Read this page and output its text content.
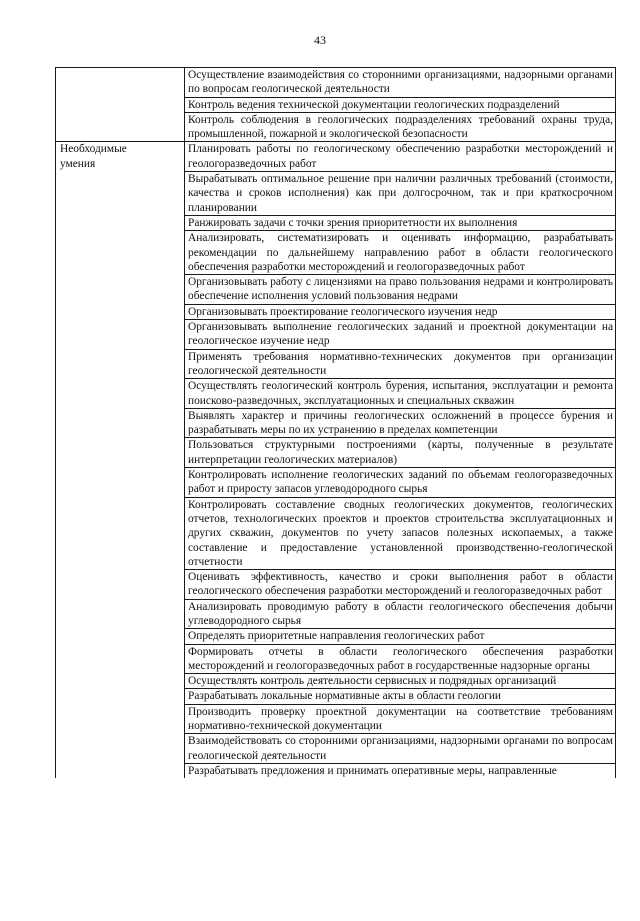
43
	Осуществление взаимодействия со сторонними организациями, надзорными органами по вопросам геологической деятельности
	Контроль ведения технической документации геологических подразделений
	Контроль соблюдения в геологических подразделениях требований охраны труда, промышленной, пожарной и экологической безопасности
Необходимые умения	Планировать работы по геологическому обеспечению разработки месторождений и геологоразведочных работ
	Вырабатывать оптимальное решение при наличии различных требований (стоимости, качества и сроков исполнения) как при долгосрочном, так и при краткосрочном планировании
	Ранжировать задачи с точки зрения приоритетности их выполнения
	Анализировать, систематизировать и оценивать информацию, разрабатывать рекомендации по дальнейшему направлению работ в области геологического обеспечения разработки месторождений и геологоразведочных работ
	Организовывать работу с лицензиями на право пользования недрами и контролировать обеспечение исполнения условий пользования недрами
	Организовывать проектирование геологического изучения недр
	Организовывать выполнение геологических заданий и проектной документации на геологическое изучение недр
	Применять требования нормативно-технических документов при организации геологической деятельности
	Осуществлять геологический контроль бурения, испытания, эксплуатации и ремонта поисково-разведочных, эксплуатационных и специальных скважин
	Выявлять характер и причины геологических осложнений в процессе бурения и разрабатывать меры по их устранению в пределах компетенции
	Пользоваться структурными построениями (карты, полученные в результате интерпретации геологических материалов)
	Контролировать исполнение геологических заданий по объемам геологоразведочных работ и приросту запасов углеводородного сырья
	Контролировать составление сводных геологических документов, геологических отчетов, технологических проектов и проектов строительства эксплуатационных и других скважин, документов по учету запасов полезных ископаемых, а также составление и предоставление установленной производственно-геологической отчетности
	Оценивать эффективность, качество и сроки выполнения работ в области геологического обеспечения разработки месторождений и геологоразведочных работ
	Анализировать проводимую работу в области геологического обеспечения добычи углеводородного сырья
	Определять приоритетные направления геологических работ
	Формировать отчеты в области геологического обеспечения разработки месторождений и геологоразведочных работ в государственные надзорные органы
	Осуществлять контроль деятельности сервисных и подрядных организаций
	Разрабатывать локальные нормативные акты в области геологии
	Производить проверку проектной документации на соответствие требованиям нормативно-технической документации
	Взаимодействовать со сторонними организациями, надзорными органами по вопросам геологической деятельности
	Разрабатывать предложения и принимать оперативные меры, направленные
